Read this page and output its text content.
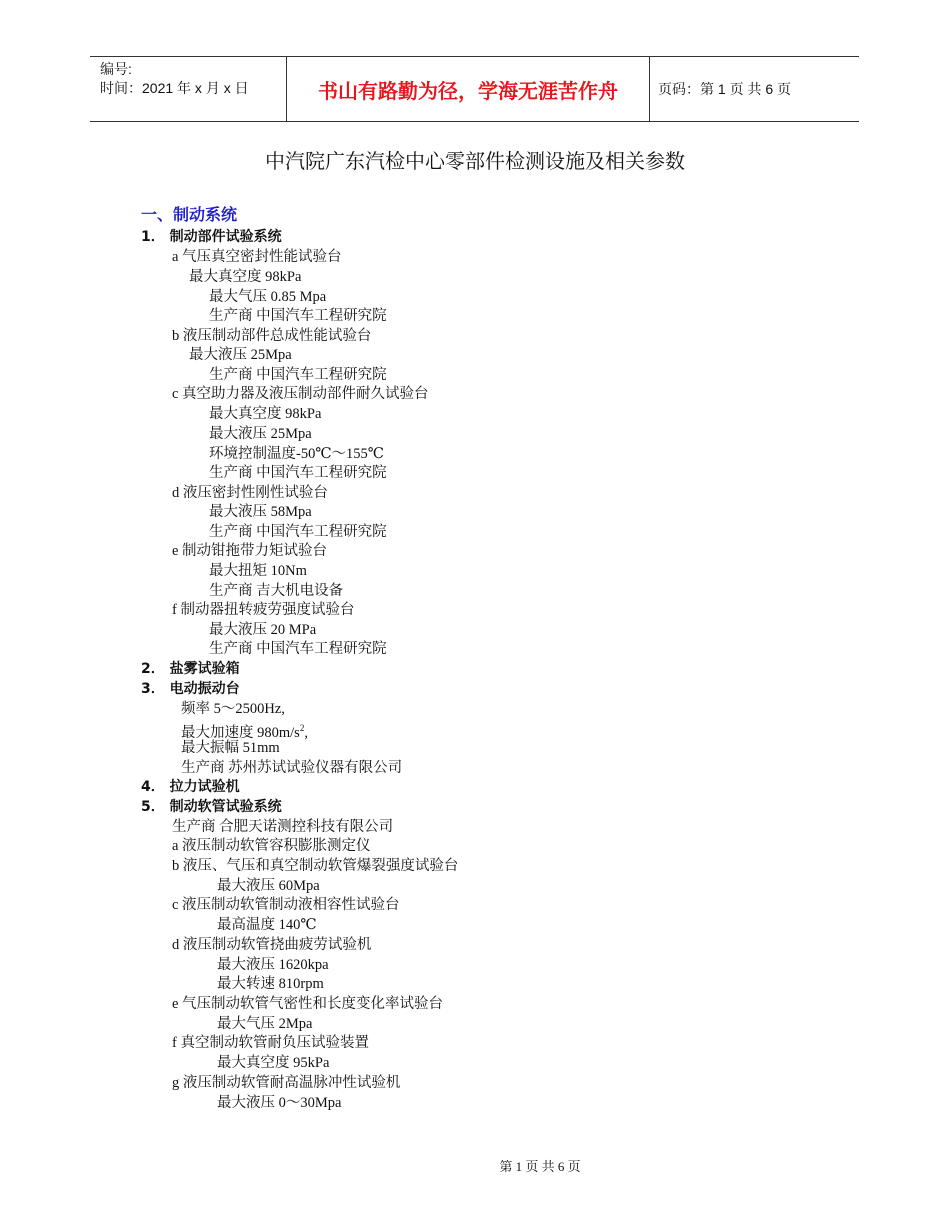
编号:
时间：2021 年 x 月 x 日	书山有路勤为径，学海无涯苦作舟	页码：第 1 页 共 6 页
中汽院广东汽检中心零部件检测设施及相关参数
一、制动系统
1． 制动部件试验系统
a 气压真空密封性能试验台
最大真空度 98kPa
最大气压 0.85 Mpa
生产商 中国汽车工程研究院
b 液压制动部件总成性能试验台
最大液压 25Mpa
生产商 中国汽车工程研究院
c 真空助力器及液压制动部件耐久试验台
最大真空度 98kPa
最大液压 25Mpa
环境控制温度-50℃～155℃
生产商 中国汽车工程研究院
d 液压密封性刚性试验台
最大液压 58Mpa
生产商 中国汽车工程研究院
e 制动钳拖带力矩试验台
最大扭矩 10Nm
生产商 吉大机电设备
f 制动器扭转疲劳强度试验台
最大液压 20 MPa
生产商 中国汽车工程研究院
2． 盐雾试验箱
3． 电动振动台
频率 5～2500Hz,
最大加速度 $980m/s^2$,
最大振幅 51mm
生产商 苏州苏试试验仪器有限公司
4． 拉力试验机
5． 制动软管试验系统
生产商 合肥天诺测控科技有限公司
a 液压制动软管容积膨胀测定仪
b 液压、气压和真空制动软管爆裂强度试验台
最大液压 60Mpa
c 液压制动软管制动液相容性试验台
最高温度 140℃
d 液压制动软管挠曲疲劳试验机
最大液压 1620kpa
最大转速 810rpm
e 气压制动软管气密性和长度变化率试验台
最大气压 2Mpa
f 真空制动软管耐负压试验装置
最大真空度 95kPa
g 液压制动软管耐高温脉冲性试验机
最大液压 0～30Mpa
第 1 页 共 6 页
